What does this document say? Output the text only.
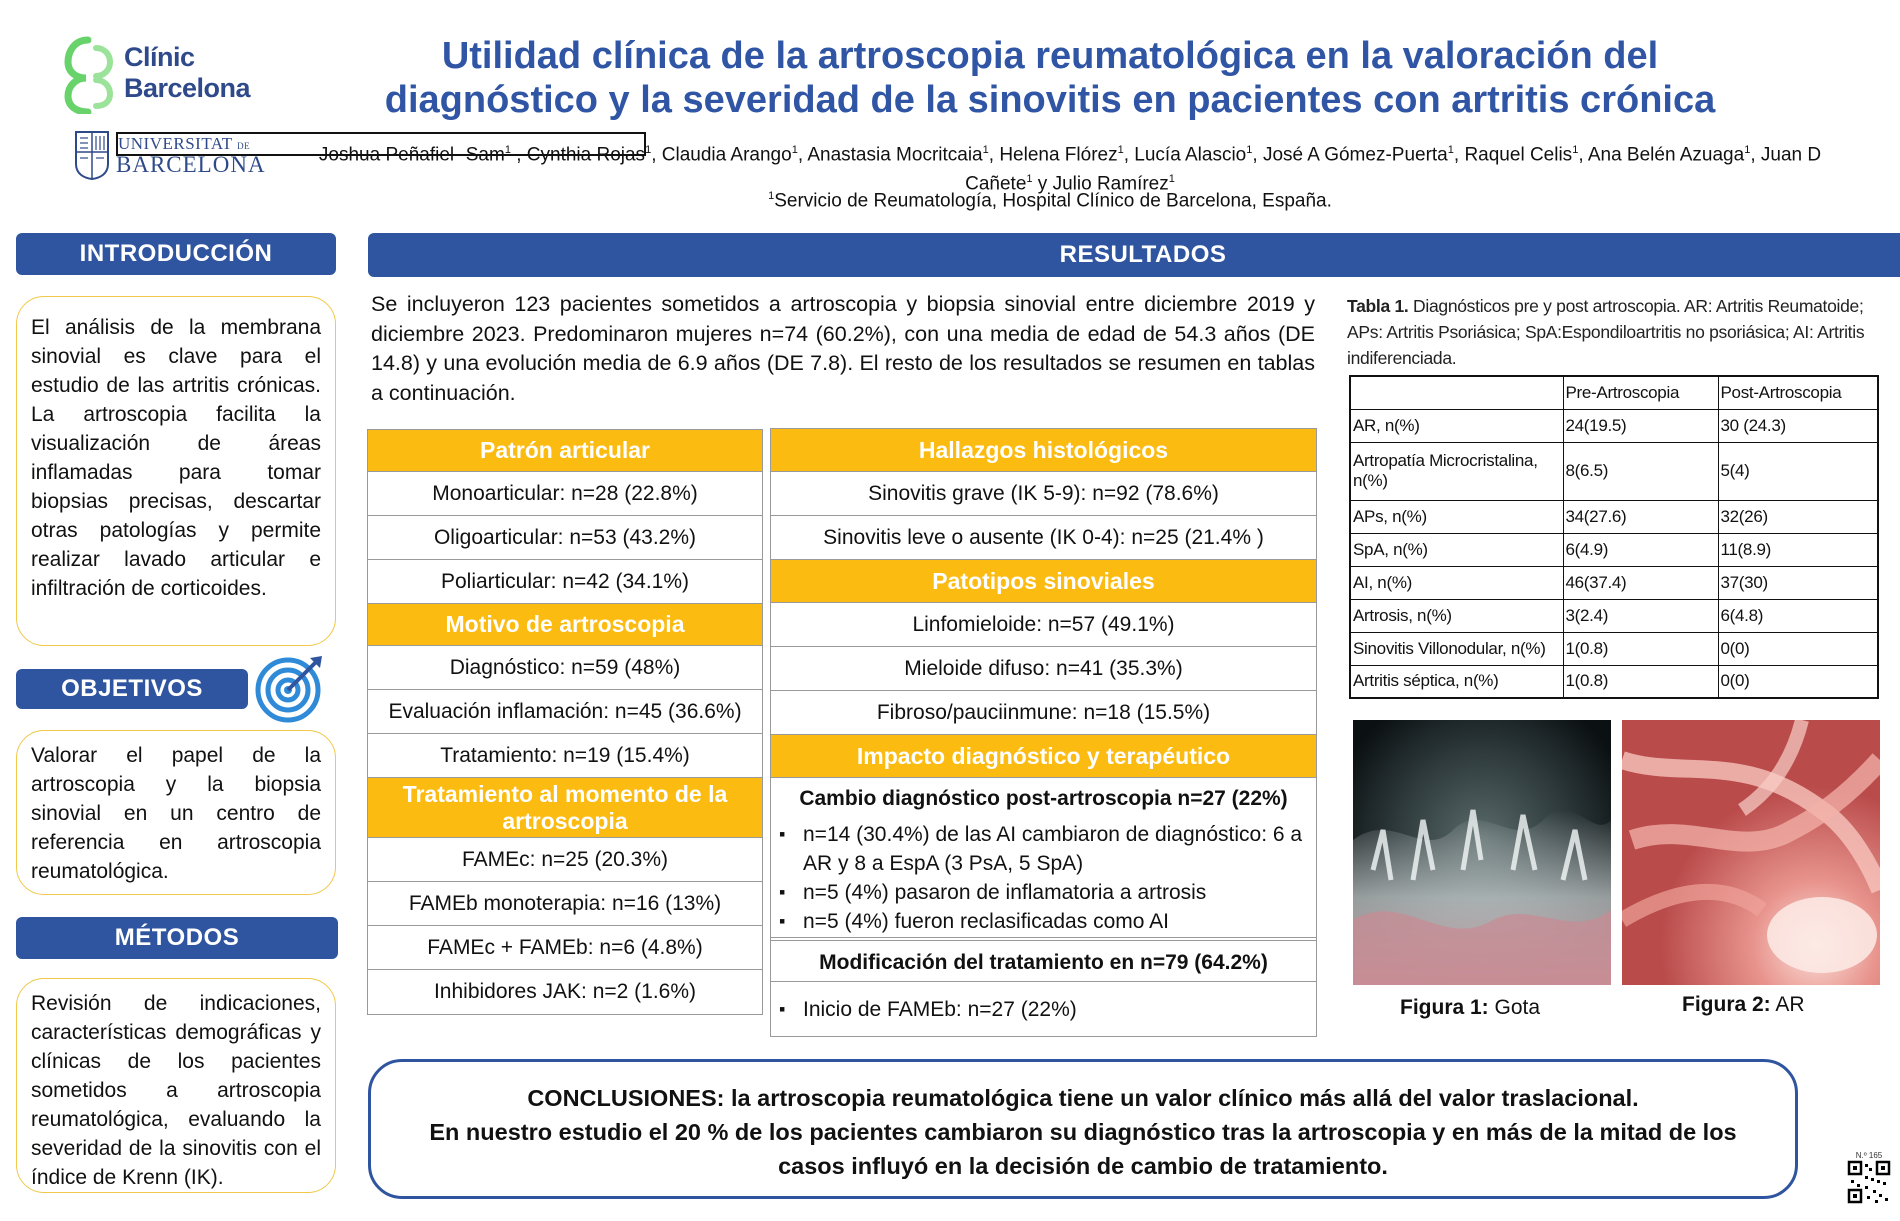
Clínic
Barcelona
UNIVERSITAT DE
BARCELONA
Utilidad clínica de la artroscopia reumatológica en la valoración del
diagnóstico y la severidad de la sinovitis en pacientes con artritis crónica
Joshua Peñafiel- Sam$^1$ , Cynthia Rojas$^1$, Claudia Arango$^1$, Anastasia Mocritcaia$^1$, Helena Flórez$^1$, Lucía Alascio$^1$, José A Gómez-Puerta$^1$, Raquel Celis$^1$, Ana Belén Azuaga$^1$, Juan D Cañete$^1$ y Julio Ramírez$^1$
$^1$Servicio de Reumatología, Hospital Clínico de Barcelona, España.
INTRODUCCIÓN
El análisis de la membrana sinovial es clave para el estudio de las artritis crónicas. La artroscopia facilita la visualización de áreas inflamadas para tomar biopsias precisas, descartar otras patologías y permite realizar lavado articular e infiltración de corticoides.
OBJETIVOS
Valorar el papel de la artroscopia y la biopsia sinovial en un centro de referencia en artroscopia reumatológica.
MÉTODOS
Revisión de indicaciones, características demográficas y clínicas de los pacientes sometidos a artroscopia reumatológica, evaluando la severidad de la sinovitis con el índice de Krenn (IK).
RESULTADOS
Se incluyeron 123 pacientes sometidos a artroscopia y biopsia sinovial entre diciembre 2019 y diciembre 2023. Predominaron mujeres n=74 (60.2%), con una media de edad de 54.3 años (DE 14.8) y una evolución media de 6.9 años (DE 7.8). El resto de los resultados se resumen en tablas a continuación.
Patrón articular
Monoarticular: n=28 (22.8%)
Oligoarticular: n=53 (43.2%)
Poliarticular: n=42 (34.1%)
Motivo de artroscopia
Diagnóstico: n=59 (48%)
Evaluación inflamación: n=45 (36.6%)
Tratamiento: n=19 (15.4%)
Tratamiento al momento de la artroscopia
FAMEc: n=25 (20.3%)
FAMEb monoterapia: n=16 (13%)
FAMEc + FAMEb: n=6 (4.8%)
Inhibidores JAK: n=2 (1.6%)
Hallazgos histológicos
Sinovitis grave (IK 5-9): n=92 (78.6%)
Sinovitis leve o ausente (IK 0-4): n=25 (21.4% )
Patotipos sinoviales
Linfomieloide: n=57 (49.1%)
Mieloide difuso: n=41 (35.3%)
Fibroso/pauciinmune: n=18 (15.5%)
Impacto diagnóstico y terapéutico
Cambio diagnóstico post-artroscopia n=27 (22%)
▪ n=14 (30.4%) de las AI cambiaron de diagnóstico: 6 a AR y 8 a EspA (3 PsA, 5 SpA)
▪ n=5 (4%) pasaron de inflamatoria a artrosis
▪ n=5 (4%) fueron reclasificadas como AI
Modificación del tratamiento en n=79 (64.2%)
▪ Inicio de FAMEb: n=27 (22%)
Tabla 1. Diagnósticos pre y post artroscopia. AR: Artritis Reumatoide; APs: Artritis Psoriásica; SpA:Espondiloartritis no psoriásica; AI: Artritis indiferenciada.
	Pre-Artroscopia	Post-Artroscopia
AR, n(%)	24(19.5)	30 (24.3)
Artropatía Microcristalina, n(%)	8(6.5)	5(4)
APs, n(%)	34(27.6)	32(26)
SpA, n(%)	6(4.9)	11(8.9)
AI, n(%)	46(37.4)	37(30)
Artrosis, n(%)	3(2.4)	6(4.8)
Sinovitis Villonodular, n(%)	1(0.8)	0(0)
Artritis séptica, n(%)	1(0.8)	0(0)
Figura 1: Gota	Figura 2: AR
CONCLUSIONES: la artroscopia reumatológica tiene un valor clínico más allá del valor traslacional.
En nuestro estudio el 20 % de los pacientes cambiaron su diagnóstico tras la artroscopia y en más de la mitad de los casos influyó en la decisión de cambio de tratamiento.	N.º 165
